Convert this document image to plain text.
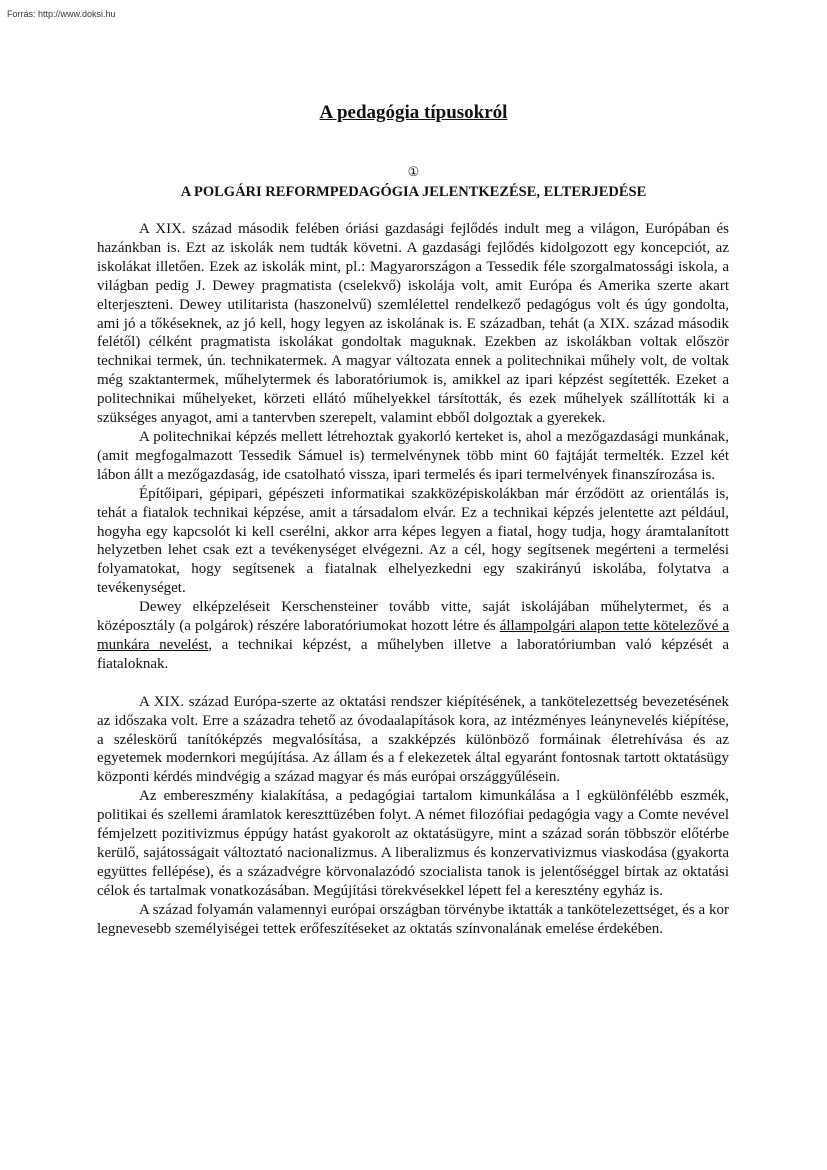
Forrás: http://www.doksi.hu
A pedagógia típusokról
①
A POLGÁRI REFORMPEDAGÓGIA JELENTKEZÉSE, ELTERJEDÉSE

A XIX. század második felében óriási gazdasági fejlődés indult meg a világon, Európában és hazánkban is. Ezt az iskolák nem tudták követni. A gazdasági fejlődés kidolgozott egy koncepciót, az iskolákat illetően. Ezek az iskolák mint, pl.: Magyarországon a Tessedik féle szorgalmatossági iskola, a világban pedig J. Dewey pragmatista (cselekvő) iskolája volt, amit Európa és Amerika szerte akart elterjeszteni. Dewey utilitarista (haszonelvű) szemlélettel rendelkező pedagógus volt és úgy gondolta, ami jó a tőkéseknek, az jó kell, hogy legyen az iskolának is. E században, tehát (a XIX. század második felétől) célként pragmatista iskolákat gondoltak maguknak. Ezekben az iskolákban voltak először technikai termek, ún. technikatermek. A magyar változata ennek a politechnikai műhely volt, de voltak még szaktantermek, műhelytermek és laboratóriumok is, amikkel az ipari képzést segítették. Ezeket a politechnikai műhelyeket, körzeti ellátó műhelyekkel társították, és ezek műhelyek szállították ki a szükséges anyagot, ami a tantervben szerepelt, valamint ebből dolgoztak a gyerekek.

A politechnikai képzés mellett létrehoztak gyakorló kerteket is, ahol a mezőgazdasági munkának, (amit megfogalmazott Tessedik Sámuel is) termelvénynek több mint 60 fajtáját termelték. Ezzel két lábon állt a mezőgazdaság, ide csatolható vissza, ipari termelés és ipari termelvények finanszírozása is.

Építőipari, gépipari, gépészeti informatikai szakközépiskolákban már érződött az orientálás is, tehát a fiatalok technikai képzése, amit a társadalom elvár. Ez a technikai képzés jelentette azt például, hogyha egy kapcsolót ki kell cserélni, akkor arra képes legyen a fiatal, hogy tudja, hogy áramtalanított helyzetben lehet csak ezt a tevékenységet elvégezni. Az a cél, hogy segítsenek megérteni a termelési folyamatokat, hogy segítsenek a fiatalnak elhelyezkedni egy szakirányú iskolába, folytatva a tevékenységet.

Dewey elképzeléseit Kerschensteiner tovább vitte, saját iskolájában műhelytermet, és a középosztály (a polgárok) részére laboratóriumokat hozott létre és állampolgári alapon tette kötelezővé a munkára nevelést, a technikai képzést, a műhelyben illetve a laboratóriumban való képzését a fiataloknak.

A XIX. század Európa-szerte az oktatási rendszer kiépítésének, a tankötelezettség bevezetésének az időszaka volt. Erre a századra tehető az óvodaalapítások kora, az intézményes leánynevelés kiépítése, a széleskörű tanítóképzés megvalósítása, a szakképzés különböző formáinak életrehívása és az egyetemek modernkori megújítása. Az állam és a f elekezetek által egyaránt fontosnak tartott oktatásügy központi kérdés mindvégig a század magyar és más európai országgyűlésein.

Az embereszmény kialakítása, a pedagógiai tartalom kimunkálása a l egkülönfélébb eszmék, politikai és szellemi áramlatok kereszttüzében folyt. A német filozófiai pedagógia vagy a Comte nevével fémjelzett pozitivizmus éppúgy hatást gyakorolt az oktatásügyre, mint a század során többször előtérbe kerülő, sajátosságait változtató nacionalizmus. A liberalizmus és konzervativizmus viaskodása (gyakorta együttes fellépése), és a századvégre körvonalazódó szocialista tanok is jelentőséggel bírtak az oktatási célok és tartalmak vonatkozásában. Megújítási törekvésekkel lépett fel a keresztény egyház is.

A század folyamán valamennyi európai országban törvénybe iktatták a tankötelezettséget, és a kor legnevesebb személyiségei tettek erőfeszítéseket az oktatás színvonalának emelése érdekében.
